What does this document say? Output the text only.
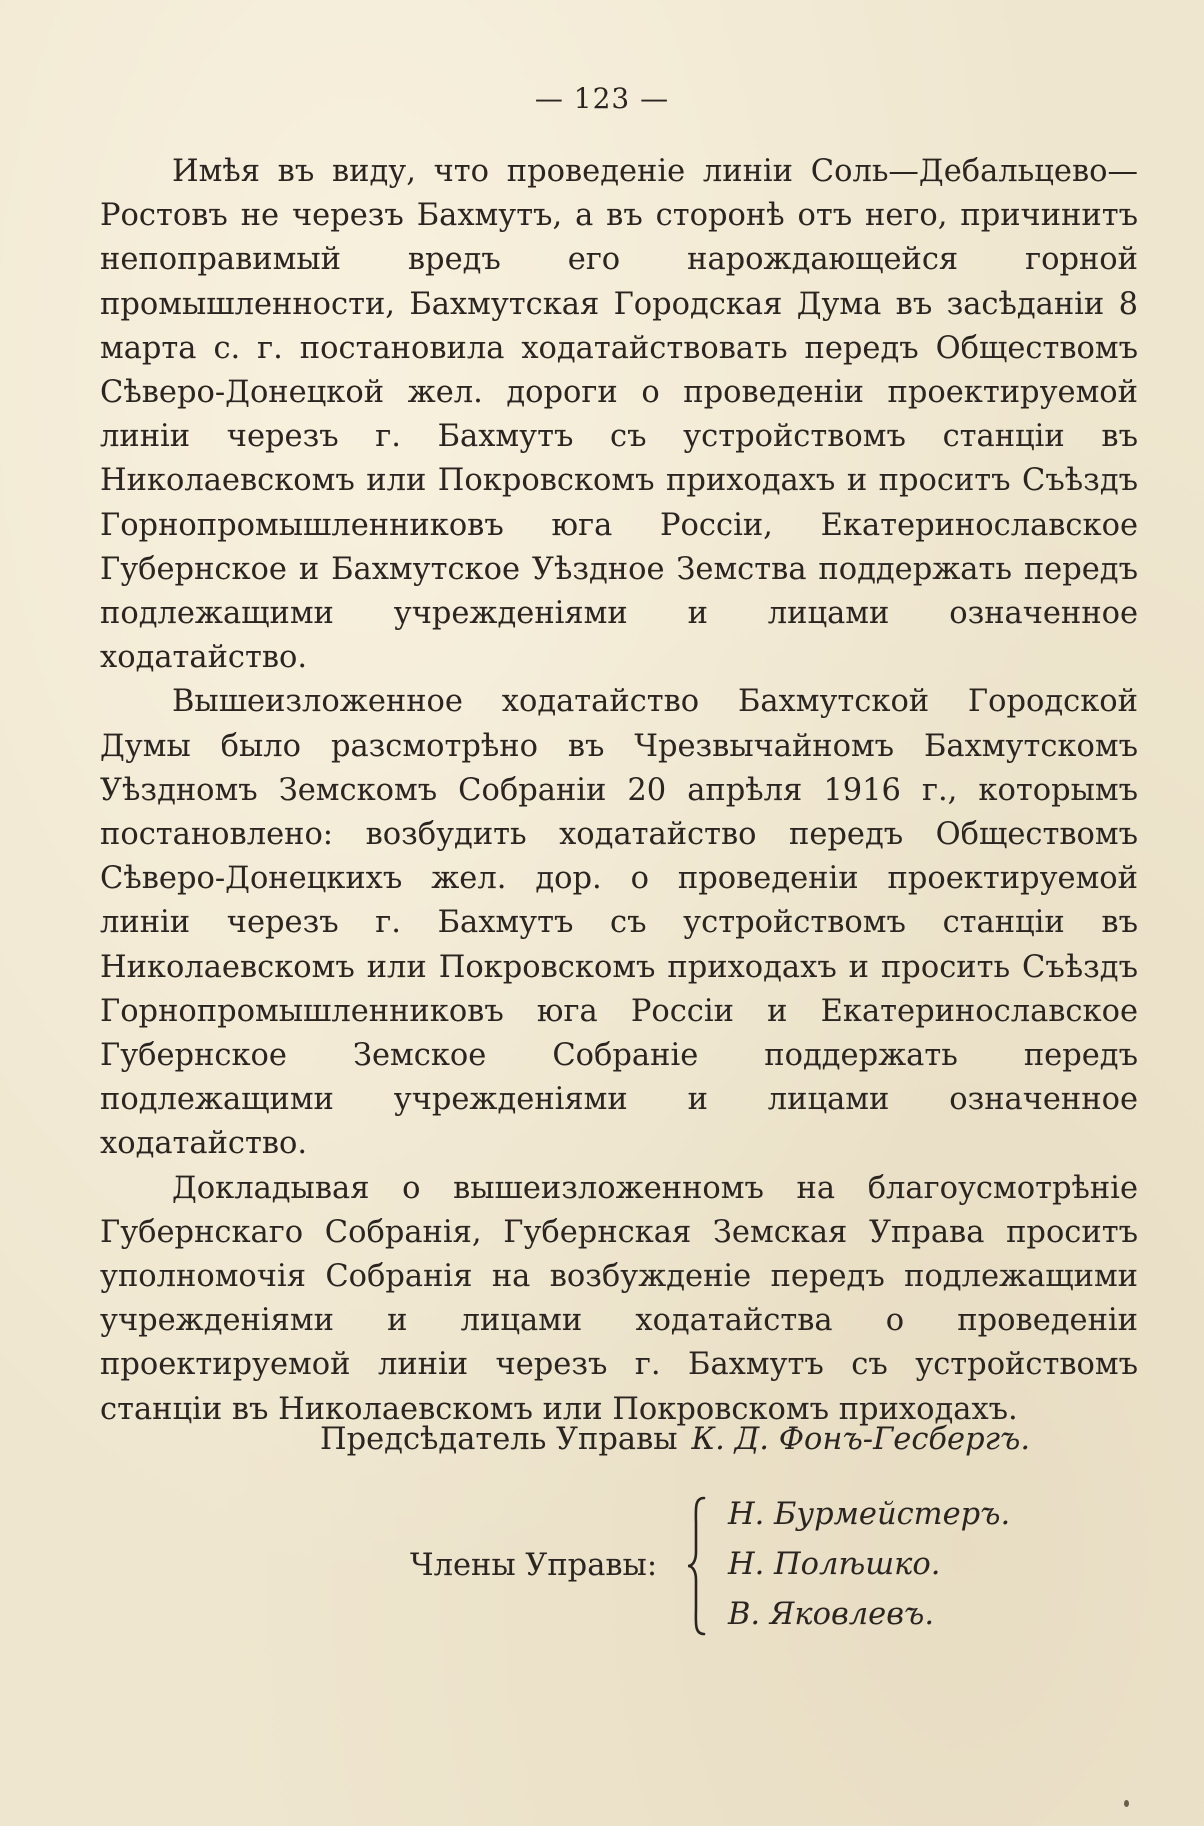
— 123 —

Имѣя въ виду, что проведеніе линіи Соль—Дебальцево—Ростовъ не черезъ Бахмутъ, а въ сторонѣ отъ него, причинитъ непоправимый вредъ его нарождающейся горной промышленности, Бахмутская Городская Дума въ засѣданіи 8 марта с. г. постановила ходатайствовать передъ Обществомъ Сѣверо-Донецкой жел. дороги о проведеніи проектируемой линіи черезъ г. Бахмутъ съ устройствомъ станціи въ Николаевскомъ или Покровскомъ приходахъ и проситъ Съѣздъ Горнопромышленниковъ юга Россіи, Екатеринославское Губернское и Бахмутское Уѣздное Земства поддержать передъ подлежащими учрежденіями и лицами означенное ходатайство.

Вышеизложенное ходатайство Бахмутской Городской Думы было разсмотрѣно въ Чрезвычайномъ Бахмутскомъ Уѣздномъ Земскомъ Собраніи 20 апрѣля 1916 г., которымъ постановлено: возбудить ходатайство передъ Обществомъ Сѣверо-Донецкихъ жел. дор. о проведеніи проектируемой линіи черезъ г. Бахмутъ съ устройствомъ станціи въ Николаевскомъ или Покровскомъ приходахъ и просить Съѣздъ Горнопромышленниковъ юга Россіи и Екатеринославское Губернское Земское Собраніе поддержать передъ подлежащими учрежденіями и лицами означенное ходатайство.

Докладывая о вышеизложенномъ на благоусмотрѣніе Губернскаго Собранія, Губернская Земская Управа проситъ уполномочія Собранія на возбужденіе передъ подлежащими учрежденіями и лицами ходатайства о проведеніи проектируемой линіи черезъ г. Бахмутъ съ устройствомъ станціи въ Николаевскомъ или Покровскомъ приходахъ.

Предсѣдатель Управы К. Д. Фонъ-Гесбергъ.
Члены Управы:
Н. Бурмейстеръ.
Н. Полѣшко.
В. Яковлевъ.
